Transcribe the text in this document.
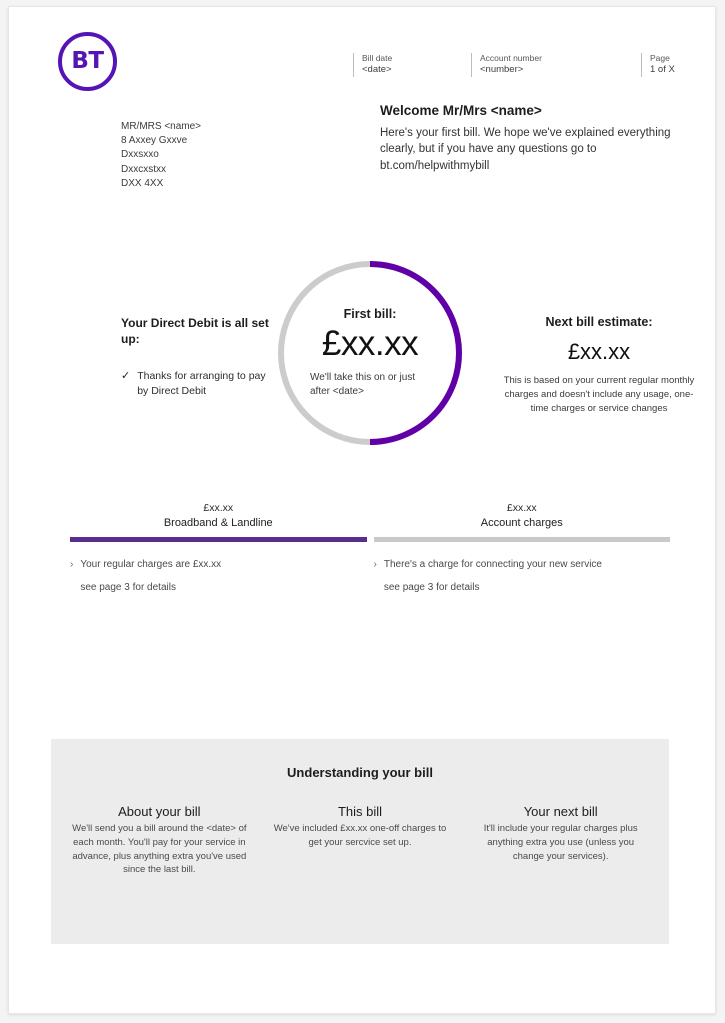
BT	Bill date
<date>
Account number
<number>
Page
1 of X
MR/MRS <name>
8 Axxey Gxxve
Dxxsxxo
Dxxcxstxx
DXX 4XX
Welcome Mr/Mrs <name>
Here's your first bill. We hope we've explained everything clearly, but if you have any questions go to bt.com/helpwithmybill
Your Direct Debit is all set up:
✓ Thanks for arranging to pay by Direct Debit
First bill:
£xx.xx
We'll take this on or just after <date>
Next bill estimate:
£xx.xx
This is based on your current regular monthly charges and doesn't include any usage, one-time charges or service changes
£xx.xx
Broadband & Landline
› Your regular charges are £xx.xx
see page 3 for details
£xx.xx
Account charges
› There's a charge for connecting your new service
see page 3 for details
Understanding your bill
About your bill
We'll send you a bill around the <date> of each month. You'll pay for your service in advance, plus anything extra you've used since the last bill.
This bill
We've included £xx.xx one-off charges to get your sercvice set up.
Your next bill
It'll include your regular charges plus anything extra you use (unless you change your services).
